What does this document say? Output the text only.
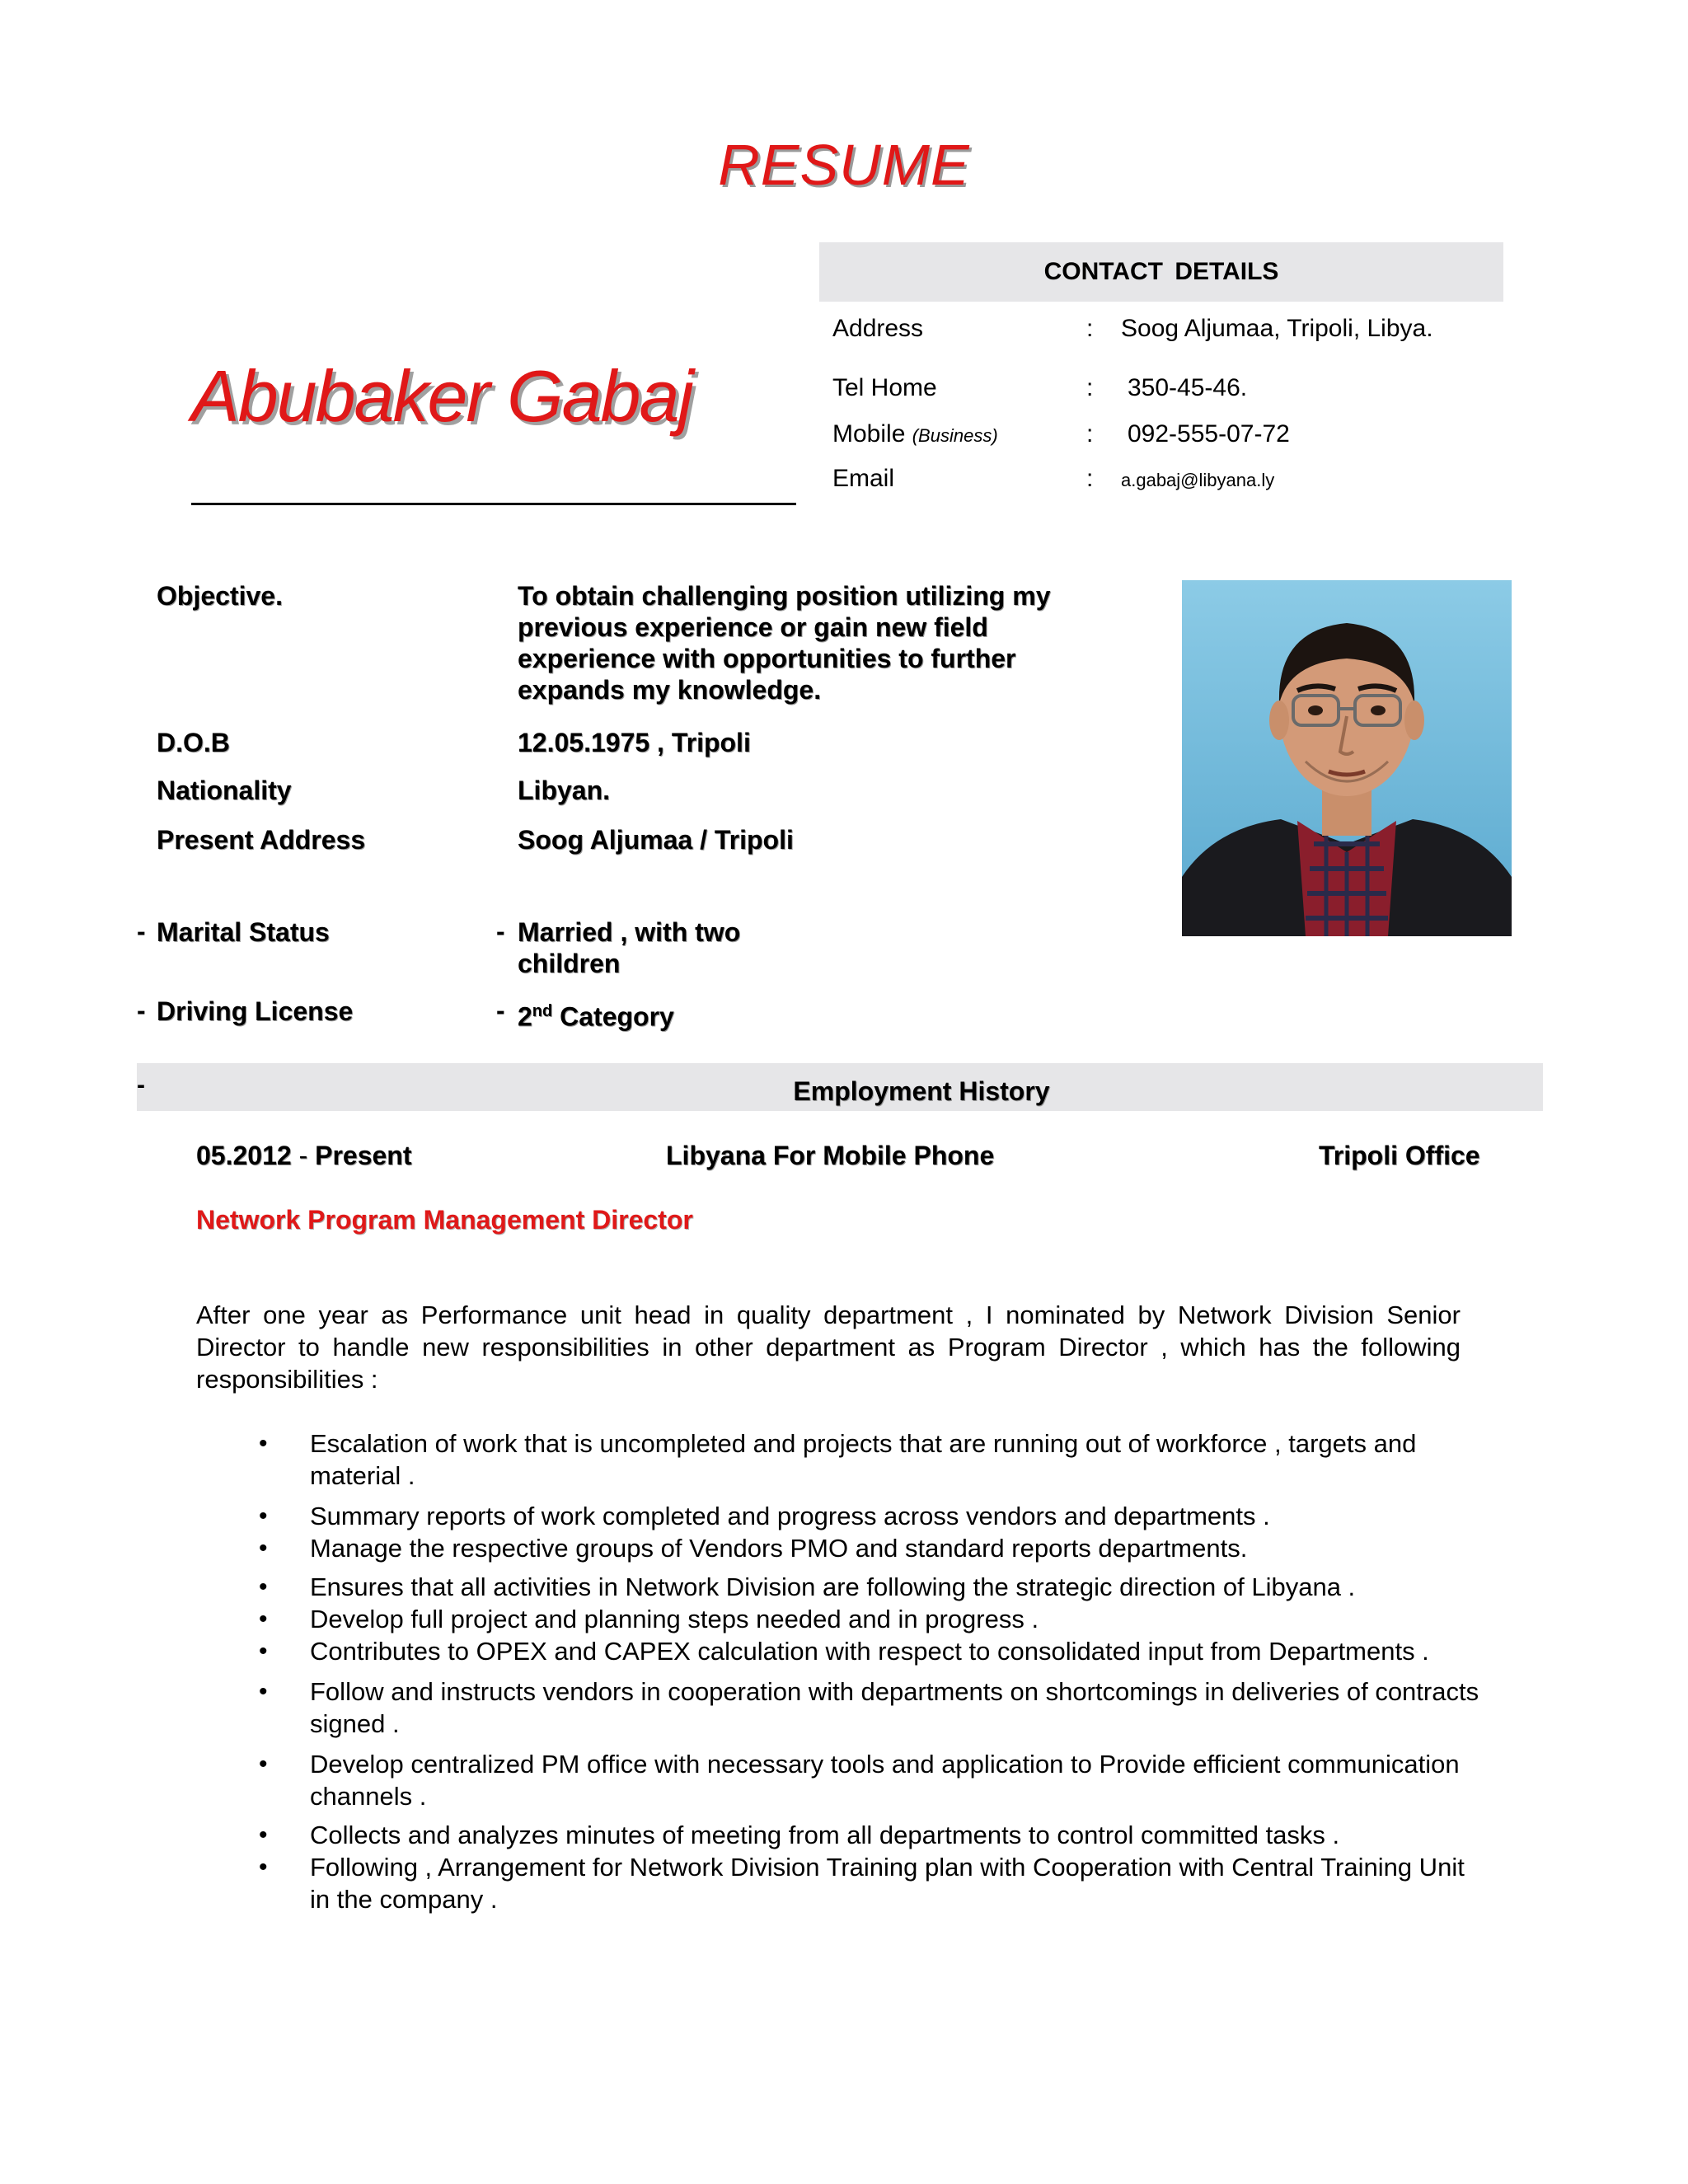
RESUME
Abubaker Gabaj
CONTACT DETAILS
Address	: Soog Aljumaa, Tripoli, Libya.
Tel Home	: 350-45-46.
Mobile (Business)	: 092-555-07-72
Email	: a.gabaj@libyana.ly
Objective.	To obtain challenging position utilizing my previous experience or gain new field experience with opportunities to further expands my knowledge.
D.O.B	12.05.1975 , Tripoli
Nationality	Libyan.
Present Address	Soog Aljumaa / Tripoli
- Marital Status	- Married , with two children
- Driving License	- 2nd Category
-	Employment History
05.2012 - Present	Libyana For Mobile Phone	Tripoli Office
Network Program Management Director
After one year as Performance unit head in quality department , I nominated by Network Division Senior Director to handle new responsibilities in other department as Program Director , which has the following responsibilities :
• Escalation of work that is uncompleted and projects that are running out of workforce , targets and material .
• Summary reports of work completed and progress across vendors and departments .
• Manage the respective groups of Vendors PMO and standard reports departments.
• Ensures that all activities in Network Division are following the strategic direction of Libyana .
• Develop full project and planning steps needed and in progress .
• Contributes to OPEX and CAPEX calculation with respect to consolidated input from Departments .
• Follow and instructs vendors in cooperation with departments on shortcomings in deliveries of contracts signed .
• Develop centralized PM office with necessary tools and application to Provide efficient communication channels .
• Collects and analyzes minutes of meeting from all departments to control committed tasks .
• Following , Arrangement for Network Division Training plan with Cooperation with Central Training Unit in the company .
